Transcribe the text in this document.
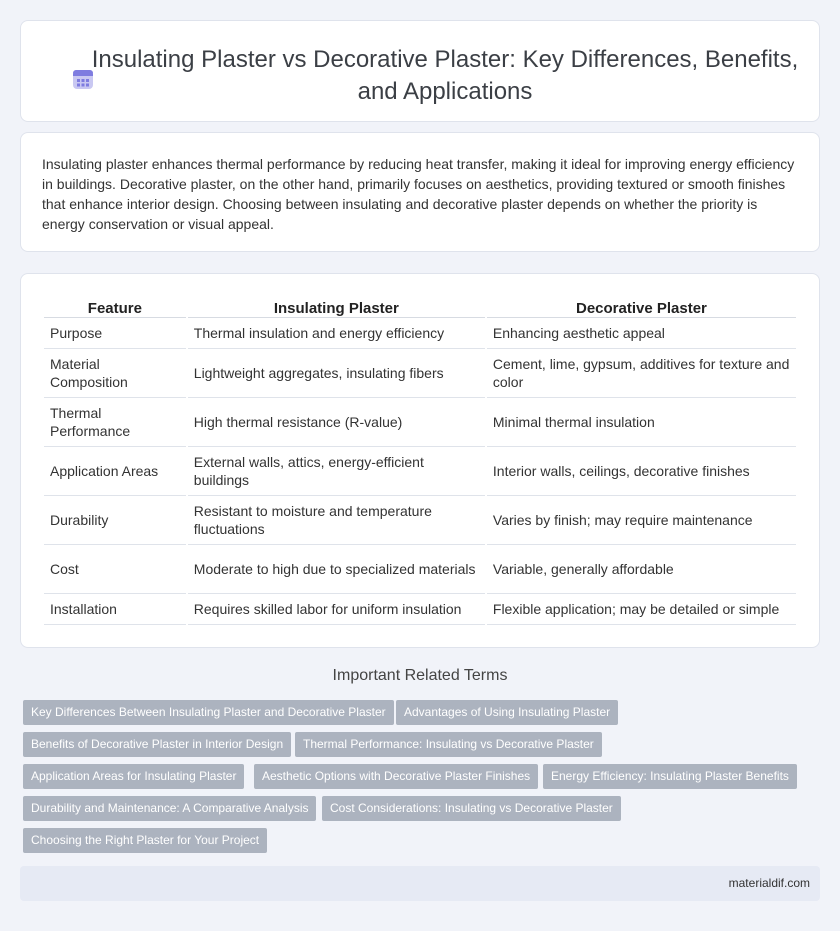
Insulating Plaster vs Decorative Plaster: Key Differences, Benefits, and Applications

Insulating plaster enhances thermal performance by reducing heat transfer, making it ideal for improving energy efficiency in buildings. Decorative plaster, on the other hand, primarily focuses on aesthetics, providing textured or smooth finishes that enhance interior design. Choosing between insulating and decorative plaster depends on whether the priority is energy conservation or visual appeal.

Feature	Insulating Plaster	Decorative Plaster
Purpose	Thermal insulation and energy efficiency	Enhancing aesthetic appeal
Material Composition	Lightweight aggregates, insulating fibers	Cement, lime, gypsum, additives for texture and color
Thermal Performance	High thermal resistance (R-value)	Minimal thermal insulation
Application Areas	External walls, attics, energy-efficient buildings	Interior walls, ceilings, decorative finishes
Durability	Resistant to moisture and temperature fluctuations	Varies by finish; may require maintenance
Cost	Moderate to high due to specialized materials	Variable, generally affordable
Installation	Requires skilled labor for uniform insulation	Flexible application; may be detailed or simple
Important Related Terms
Key Differences Between Insulating Plaster and Decorative Plaster	Advantages of Using Insulating Plaster
Benefits of Decorative Plaster in Interior Design	Thermal Performance: Insulating vs Decorative Plaster
Application Areas for Insulating Plaster	Aesthetic Options with Decorative Plaster Finishes	Energy Efficiency: Insulating Plaster Benefits
Durability and Maintenance: A Comparative Analysis	Cost Considerations: Insulating vs Decorative Plaster
Choosing the Right Plaster for Your Project
materialdif.com
